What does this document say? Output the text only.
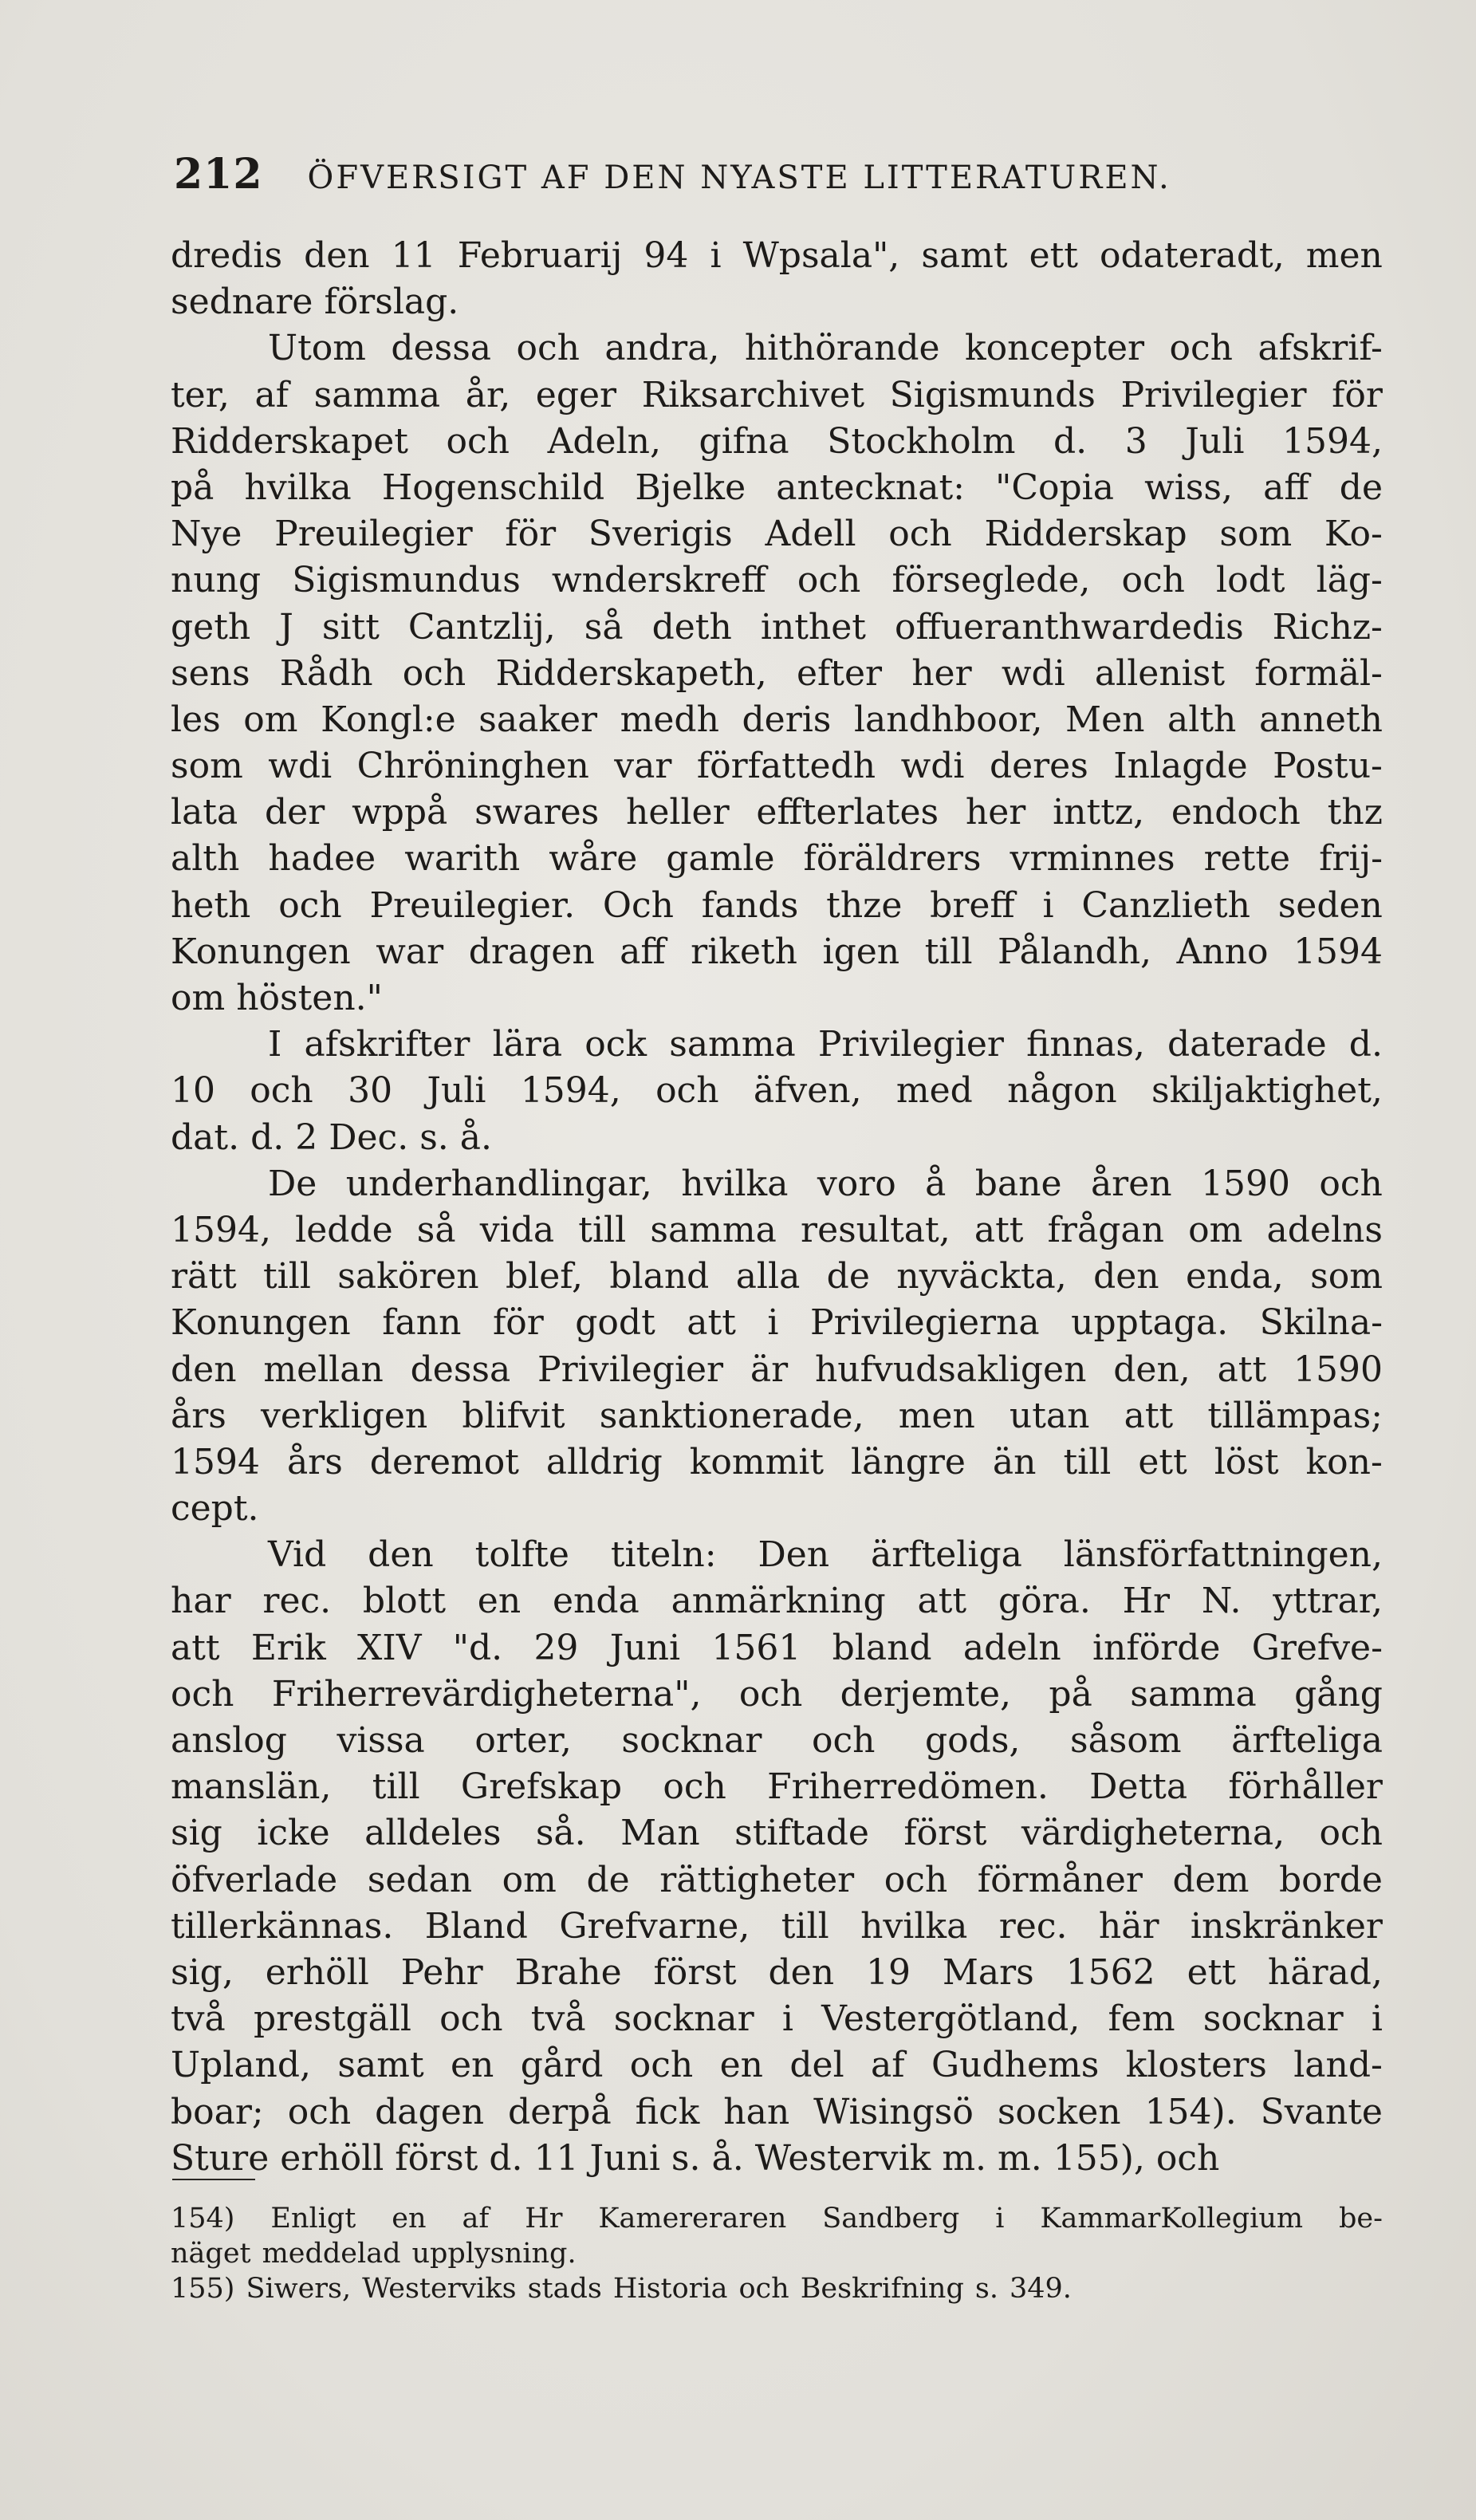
212 ÖFVERSIGT AF DEN NYASTE LITTERATUREN.
dredis den 11 Februarij 94 i Wpsala", samt ett odateradt, men
sednare förslag.
Utom dessa och andra, hithörande koncepter och afskrif-
ter, af samma år, eger Riksarchivet Sigismunds Privilegier för
Ridderskapet och Adeln, gifna Stockholm d. 3 Juli 1594,
på hvilka Hogenschild Bjelke antecknat: "Copia wiss, aff de
Nye Preuilegier för Sverigis Adell och Ridderskap som Ko-
nung Sigismundus wnderskreff och förseglede, och lodt läg-
geth J sitt Cantzlij, så deth inthet offueranthwardedis Richz-
sens Rådh och Ridderskapeth, efter her wdi allenist formäl-
les om Kongl:e saaker medh deris landhboor, Men alth anneth
som wdi Chröninghen var författedh wdi deres Inlagde Postu-
lata der wppå swares heller effterlates her inttz, endoch thz
alth hadee warith wåre gamle föräldrers vrminnes rette frij-
heth och Preuilegier. Och fands thze breff i Canzlieth seden
Konungen war dragen aff riketh igen till Pålandh, Anno 1594
om hösten."
I afskrifter lära ock samma Privilegier finnas, daterade d.
10 och 30 Juli 1594, och äfven, med någon skiljaktighet,
dat. d. 2 Dec. s. å.
De underhandlingar, hvilka voro å bane åren 1590 och
1594, ledde så vida till samma resultat, att frågan om adelns
rätt till sakören blef, bland alla de nyväckta, den enda, som
Konungen fann för godt att i Privilegierna upptaga. Skilna-
den mellan dessa Privilegier är hufvudsakligen den, att 1590
års verkligen blifvit sanktionerade, men utan att tillämpas;
1594 års deremot alldrig kommit längre än till ett löst kon-
cept.
Vid den tolfte titeln: Den ärfteliga länsförfattningen,
har rec. blott en enda anmärkning att göra. Hr N. yttrar,
att Erik XIV "d. 29 Juni 1561 bland adeln införde Grefve-
och Friherrevärdigheterna", och derjemte, på samma gång
anslog vissa orter, socknar och gods, såsom ärfteliga
manslän, till Grefskap och Friherredömen. Detta förhåller
sig icke alldeles så. Man stiftade först värdigheterna, och
öfverlade sedan om de rättigheter och förmåner dem borde
tillerkännas. Bland Grefvarne, till hvilka rec. här inskränker
sig, erhöll Pehr Brahe först den 19 Mars 1562 ett härad,
två prestgäll och två socknar i Vestergötland, fem socknar i
Upland, samt en gård och en del af Gudhems klosters land-
boar; och dagen derpå fick han Wisingsö socken 154). Svante
Sture erhöll först d. 11 Juni s. å. Westervik m. m. 155), och
154) Enligt en af Hr Kamereraren Sandberg i KammarKollegium be-
näget meddelad upplysning.
155) Siwers, Westerviks stads Historia och Beskrifning s. 349.
